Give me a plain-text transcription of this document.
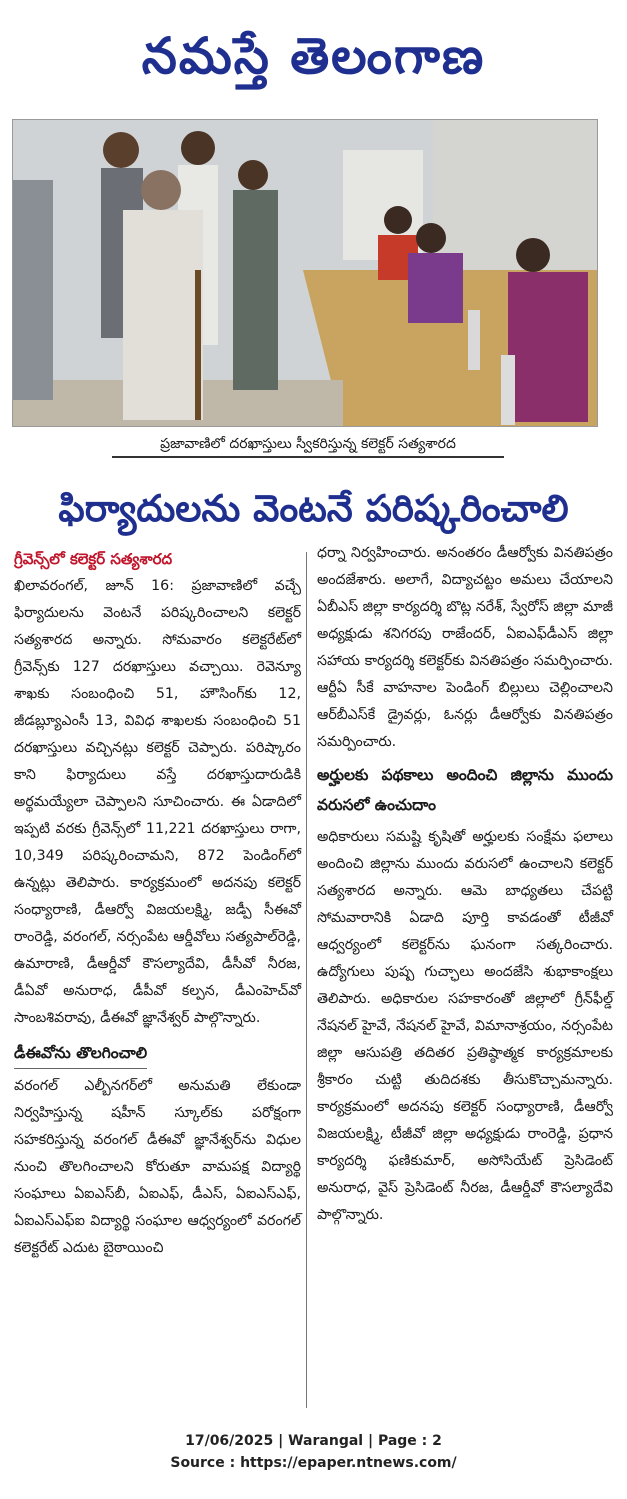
నమస్తే తెలంగాణ
ప్రజావాణిలో దరఖాస్తులు స్వీకరిస్తున్న కలెక్టర్ సత్యశారద
ఫిర్యాదులను వెంటనే పరిష్కరించాలి
గ్రీవెన్స్‌లో కలెక్టర్ సత్యశారద

ఖిలావరంగల్, జూన్ 16: ప్రజావాణిలో వచ్చే ఫిర్యాదులను వెంటనే పరిష్కరించాలని కలెక్టర్ సత్యశారద అన్నారు. సోమవారం కలెక్టరేట్‌లో గ్రీవెన్స్‌కు 127 దరఖాస్తులు వచ్చాయి. రెవెన్యూ శాఖకు సంబంధించి 51, హౌసింగ్‌కు 12, జీడబ్ల్యూఎంసీ 13, వివిధ శాఖలకు సంబంధించి 51 దరఖాస్తులు వచ్చినట్లు కలెక్టర్ చెప్పారు. పరిష్కారం కాని ఫిర్యాదులు వస్తే దరఖాస్తుదారుడికి అర్థమయ్యేలా చెప్పాలని సూచించారు. ఈ ఏడాదిలో ఇప్పటి వరకు గ్రీవెన్స్‌లో 11,221 దరఖాస్తులు రాగా, 10,349 పరిష్కరించామని, 872 పెండింగ్‌లో ఉన్నట్లు తెలిపారు. కార్యక్రమంలో అదనపు కలెక్టర్ సంధ్యారాణి, డీఆర్వో విజయలక్ష్మి, జడ్పీ సీఈవో రాంరెడ్డి, వరంగల్, నర్సంపేట ఆర్డీవోలు సత్యపాల్‌రెడ్డి, ఉమారాణి, డీఆర్డీవో కౌసల్యాదేవి, డీసీవో నీరజ, డీఏవో అనురాధ, డీపీవో కల్పన, డీఎంహెచ్‌వో సాంబశివరావు, డీఈవో జ్ఞానేశ్వర్ పాల్గొన్నారు.

డీఈవోను తొలగించాలి

వరంగల్ ఎల్బీనగర్‌లో అనుమతి లేకుండా నిర్వహిస్తున్న షహీన్ స్కూల్‌కు పరోక్షంగా సహకరిస్తున్న వరంగల్ డీఈవో జ్ఞానేశ్వర్‌ను విధుల నుంచి తొలగించాలని కోరుతూ వామపక్ష విద్యార్థి సంఘాలు ఏఐఎస్‌బీ, ఏఐఎఫ్, డీఎస్, ఏఐఎస్‌ఎఫ్, ఏఐఎస్‌ఎఫ్‌ఐ విద్యార్థి సంఘాల ఆధ్వర్యంలో వరంగల్ కలెక్టరేట్ ఎదుట బైఠాయించి

ధర్నా నిర్వహించారు. అనంతరం డీఆర్వోకు వినతిపత్రం అందజేశారు. అలాగే, విద్యాచట్టం అమలు చేయాలని ఏబీఎస్ జిల్లా కార్యదర్శి బొట్ల నరేశ్, స్వేరోస్ జిల్లా మాజీ అధ్యక్షుడు శనిగరపు రాజేందర్, ఏఐఎఫ్‌డీఎస్ జిల్లా సహాయ కార్యదర్శి కలెక్టర్‌కు వినతిపత్రం సమర్పించారు. ఆర్టీఏ సీకే వాహనాల పెండింగ్ బిల్లులు చెల్లించాలని ఆర్‌బీఎస్‌కే డ్రైవర్లు, ఓనర్లు డీఆర్వోకు వినతిపత్రం సమర్పించారు.

అర్హులకు పథకాలు అందించి జిల్లాను ముందు వరుసలో ఉంచుదాం

అధికారులు సమష్టి కృషితో అర్హులకు సంక్షేమ ఫలాలు అందించి జిల్లాను ముందు వరుసలో ఉంచాలని కలెక్టర్ సత్యశారద అన్నారు. ఆమె బాధ్యతలు చేపట్టి సోమవారానికి ఏడాది పూర్తి కావడంతో టీజీవో ఆధ్వర్యంలో కలెక్టర్‌ను ఘనంగా సత్కరించారు. ఉద్యోగులు పుష్ప గుచ్ఛాలు అందజేసి శుభాకాంక్షలు తెలిపారు. అధికారుల సహకారంతో జిల్లాలో గ్రీన్‌ఫీల్డ్ నేషనల్ హైవే, నేషనల్ హైవే, విమానాశ్రయం, నర్సంపేట జిల్లా ఆసుపత్రి తదితర ప్రతిష్ఠాత్మక కార్యక్రమాలకు శ్రీకారం చుట్టి తుదిదశకు తీసుకొచ్చామన్నారు. కార్యక్రమంలో అదనపు కలెక్టర్ సంధ్యారాణి, డీఆర్వో విజయలక్ష్మి, టీజీవో జిల్లా అధ్యక్షుడు రాంరెడ్డి, ప్రధాన కార్యదర్శి ఫణికుమార్, అసోసియేట్ ప్రెసిడెంట్ అనురాధ, వైస్ ప్రెసిడెంట్ నీరజ, డీఆర్డీవో కౌసల్యాదేవి పాల్గొన్నారు.

17/06/2025 | Warangal | Page : 2
Source : https://epaper.ntnews.com/
